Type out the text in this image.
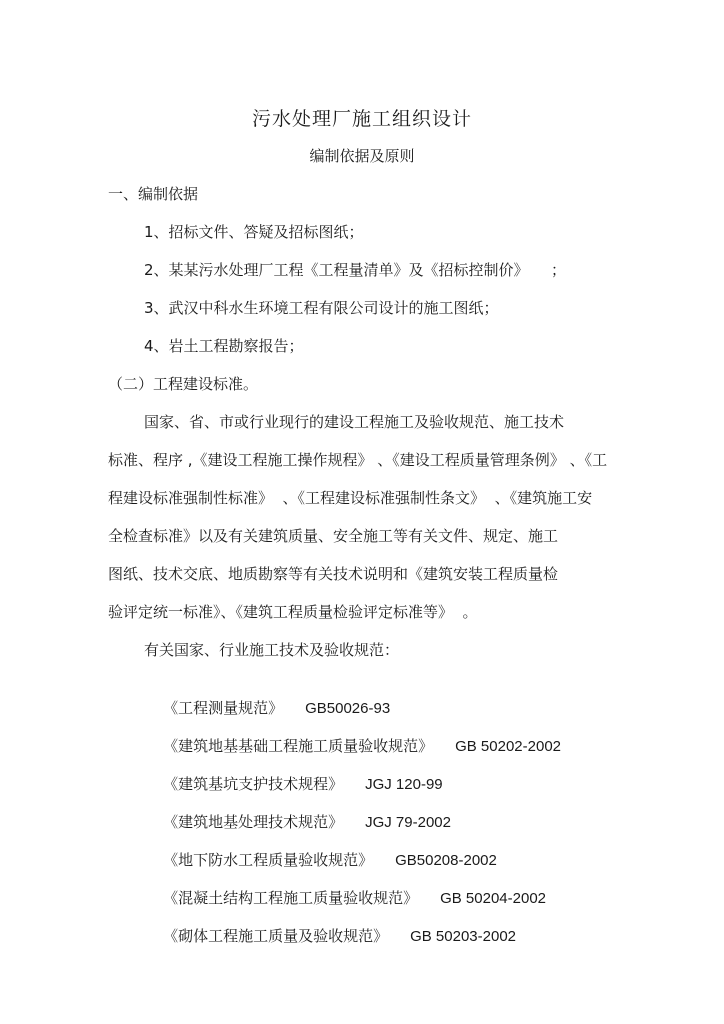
污水处理厂施工组织设计
编制依据及原则
一、编制依据
1、招标文件、答疑及招标图纸；
2、某某污水处理厂工程《工程量清单》及《招标控制价》　　；
3、武汉中科水生环境工程有限公司设计的施工图纸；
4、岩土工程勘察报告；
（二）工程建设标准。
国家、省、市或行业现行的建设工程施工及验收规范、施工技术
标准、程序 ,《建设工程施工操作规程》 、《建设工程质量管理条例》 、《工
程建设标准强制性标准》  、《工程建设标准强制性条文》  、《建筑施工安
全检查标准》以及有关建筑质量、安全施工等有关文件、规定、施工
图纸、技术交底、地质勘察等有关技术说明和《建筑安装工程质量检
验评定统一标准》、《建筑工程质量检验评定标准等》  。
有关国家、行业施工技术及验收规范：

《工程测量规范》 GB50026-93

《建筑地基基础工程施工质量验收规范》 GB 50202-2002

《建筑基坑支护技术规程》 JGJ 120-99

《建筑地基处理技术规范》 JGJ 79-2002

《地下防水工程质量验收规范》 GB50208-2002

《混凝土结构工程施工质量验收规范》 GB 50204-2002

《砌体工程施工质量及验收规范》 GB 50203-2002
